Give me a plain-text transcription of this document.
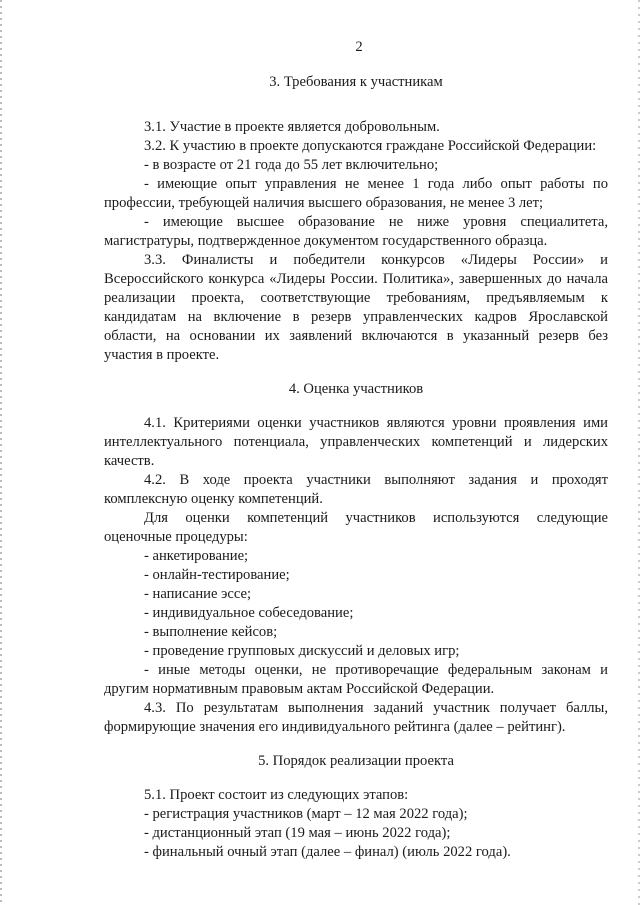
2
3. Требования к участникам

3.1. Участие в проекте является добровольным.

3.2. К участию в проекте допускаются граждане Российской Федерации:

- в возрасте от 21 года до 55 лет включительно;

- имеющие опыт управления не менее 1 года либо опыт работы по профессии, требующей наличия высшего образования, не менее 3 лет;

- имеющие высшее образование не ниже уровня специалитета, магистратуры, подтвержденное документом государственного образца.

3.3. Финалисты и победители конкурсов «Лидеры России» и Всероссийского конкурса «Лидеры России. Политика», завершенных до начала реализации проекта, соответствующие требованиям, предъявляемым к кандидатам на включение в резерв управленческих кадров Ярославской области, на основании их заявлений включаются в указанный резерв без участия в проекте.

4. Оценка участников

4.1. Критериями оценки участников являются уровни проявления ими интеллектуального потенциала, управленческих компетенций и лидерских качеств.

4.2. В ходе проекта участники выполняют задания и проходят комплексную оценку компетенций.

Для оценки компетенций участников используются следующие оценочные процедуры:

- анкетирование;

- онлайн-тестирование;

- написание эссе;

- индивидуальное собеседование;

- выполнение кейсов;

- проведение групповых дискуссий и деловых игр;

- иные методы оценки, не противоречащие федеральным законам и другим нормативным правовым актам Российской Федерации.

4.3. По результатам выполнения заданий участник получает баллы, формирующие значения его индивидуального рейтинга (далее – рейтинг).

5. Порядок реализации проекта

5.1. Проект состоит из следующих этапов:

- регистрация участников (март – 12 мая 2022 года);

- дистанционный этап (19 мая – июнь 2022 года);

- финальный очный этап (далее – финал) (июль 2022 года).
